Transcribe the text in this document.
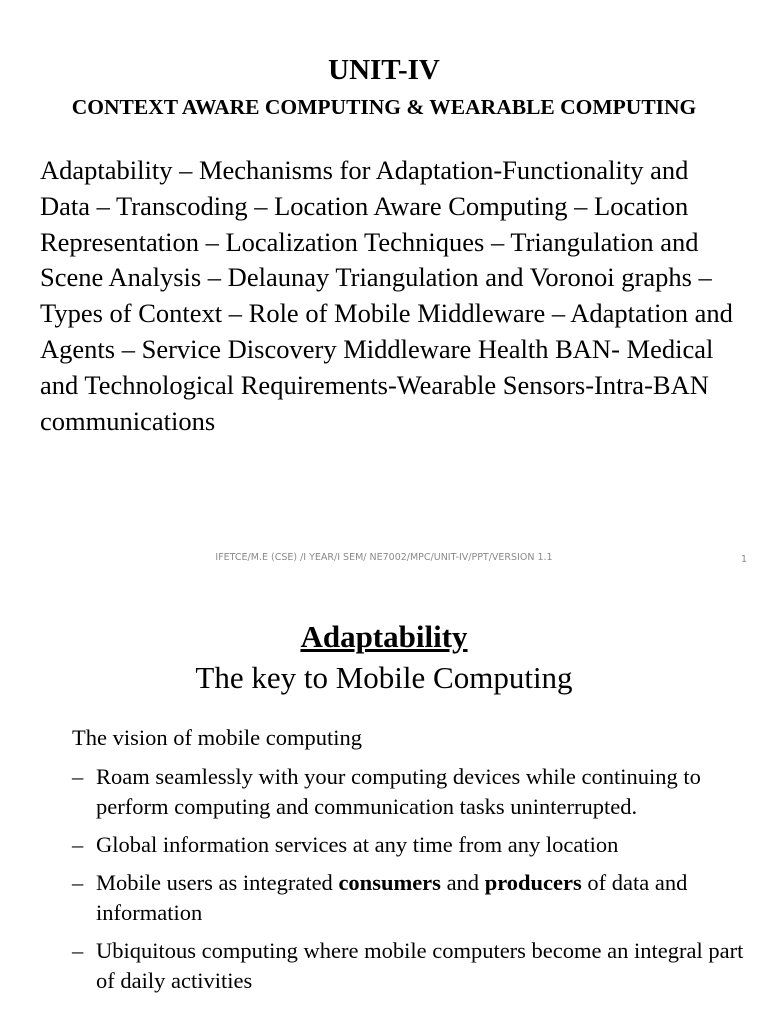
UNIT-IV
CONTEXT AWARE COMPUTING & WEARABLE COMPUTING
Adaptability – Mechanisms for Adaptation-Functionality and Data – Transcoding – Location Aware Computing – Location Representation – Localization Techniques – Triangulation and Scene Analysis – Delaunay Triangulation and Voronoi graphs – Types of Context – Role of Mobile Middleware – Adaptation and Agents – Service Discovery Middleware Health BAN- Medical and Technological Requirements-Wearable Sensors-Intra-BAN communications
IFETCE/M.E (CSE) /I YEAR/I SEM/ NE7002/MPC/UNIT-IV/PPT/VERSION 1.1	1
Adaptability
The key to Mobile Computing
The vision of mobile computing
– Roam seamlessly with your computing devices while continuing to perform computing and communication tasks uninterrupted.
– Global information services at any time from any location
– Mobile users as integrated consumers and producers of data and information
– Ubiquitous computing where mobile computers become an integral part of daily activities
